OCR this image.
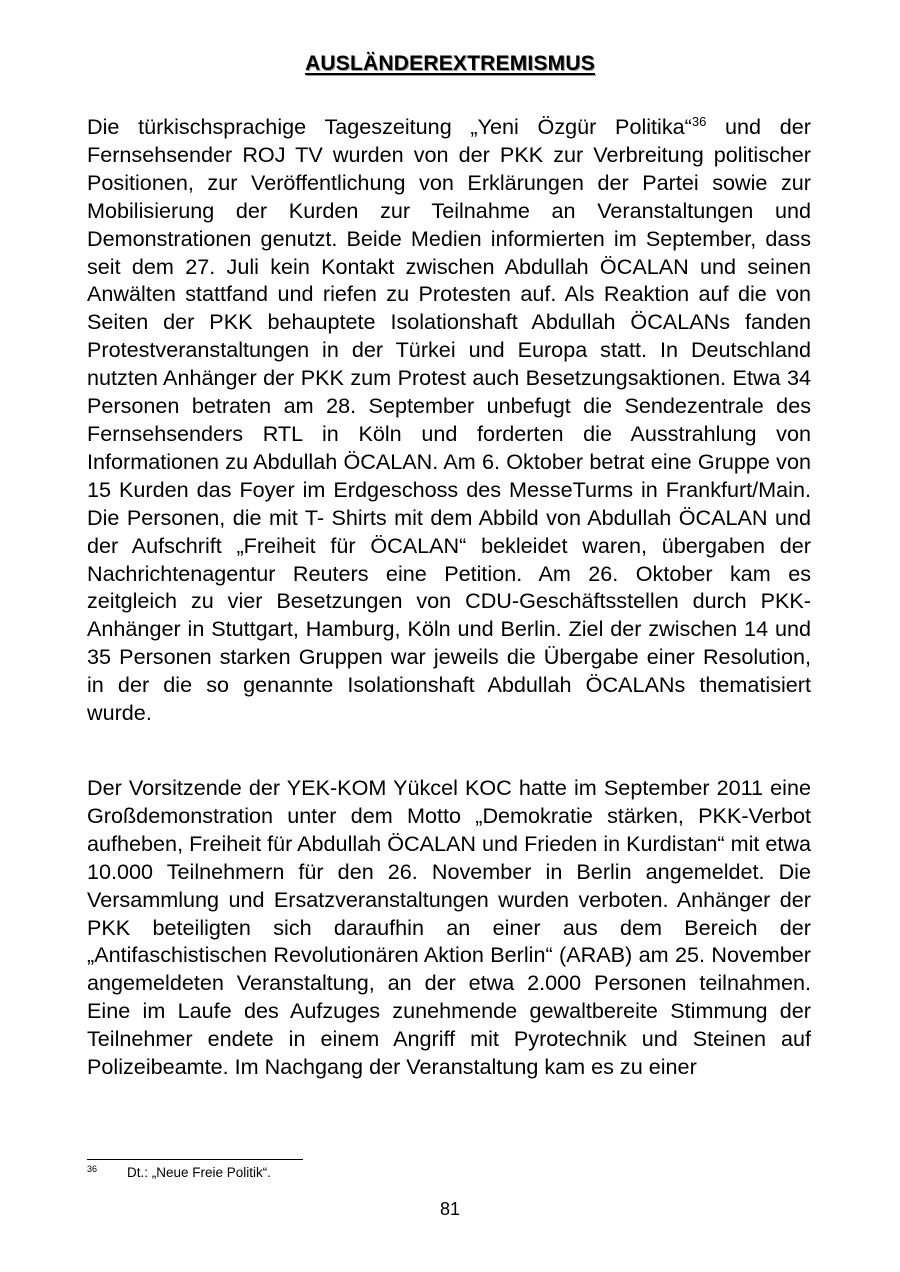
AUSLÄNDEREXTREMISMUS
Die türkischsprachige Tageszeitung „Yeni Özgür Politika“$^{36}$ und der Fernsehsender ROJ TV wurden von der PKK zur Verbreitung politischer Positionen, zur Veröffentlichung von Erklärungen der Partei sowie zur Mobilisierung der Kurden zur Teilnahme an Veranstaltungen und Demonstrationen genutzt. Beide Medien informierten im September, dass seit dem 27. Juli kein Kontakt zwischen Abdullah ÖCALAN und seinen Anwälten stattfand und riefen zu Protesten auf. Als Reaktion auf die von Seiten der PKK behauptete Isolationshaft Abdullah ÖCALANs fanden Protestveranstaltungen in der Türkei und Europa statt. In Deutschland nutzten Anhänger der PKK zum Protest auch Besetzungsaktionen. Etwa 34 Personen betraten am 28. September unbefugt die Sendezentrale des Fernsehsenders RTL in Köln und forderten die Ausstrahlung von Informationen zu Abdullah ÖCALAN. Am 6. Oktober betrat eine Gruppe von 15 Kurden das Foyer im Erdgeschoss des MesseTurms in Frankfurt/Main. Die Personen, die mit T- Shirts mit dem Abbild von Abdullah ÖCALAN und der Aufschrift „Freiheit für ÖCALAN“ bekleidet waren, übergaben der Nachrichtenagentur Reuters eine Petition. Am 26. Oktober kam es zeitgleich zu vier Besetzungen von CDU-Geschäftsstellen durch PKK-Anhänger in Stuttgart, Hamburg, Köln und Berlin. Ziel der zwischen 14 und 35 Personen starken Gruppen war jeweils die Übergabe einer Resolution, in der die so genannte Isolationshaft Abdullah ÖCALANs thematisiert wurde.
Der Vorsitzende der YEK-KOM Yükcel KOC hatte im September 2011 eine Großdemonstration unter dem Motto „Demokratie stärken, PKK-Verbot aufheben, Freiheit für Abdullah ÖCALAN und Frieden in Kurdistan“ mit etwa 10.000 Teilnehmern für den 26. November in Berlin angemeldet. Die Versammlung und Ersatzveranstaltungen wurden verboten. Anhänger der PKK beteiligten sich daraufhin an einer aus dem Bereich der „Antifaschistischen Revolutionären Aktion Berlin“ (ARAB) am 25. November angemeldeten Veranstaltung, an der etwa 2.000 Personen teilnahmen. Eine im Laufe des Aufzuges zunehmende gewaltbereite Stimmung der Teilnehmer endete in einem Angriff mit Pyrotechnik und Steinen auf Polizeibeamte. Im Nachgang der Veranstaltung kam es zu einer
36 Dt.: „Neue Freie Politik“.
81
